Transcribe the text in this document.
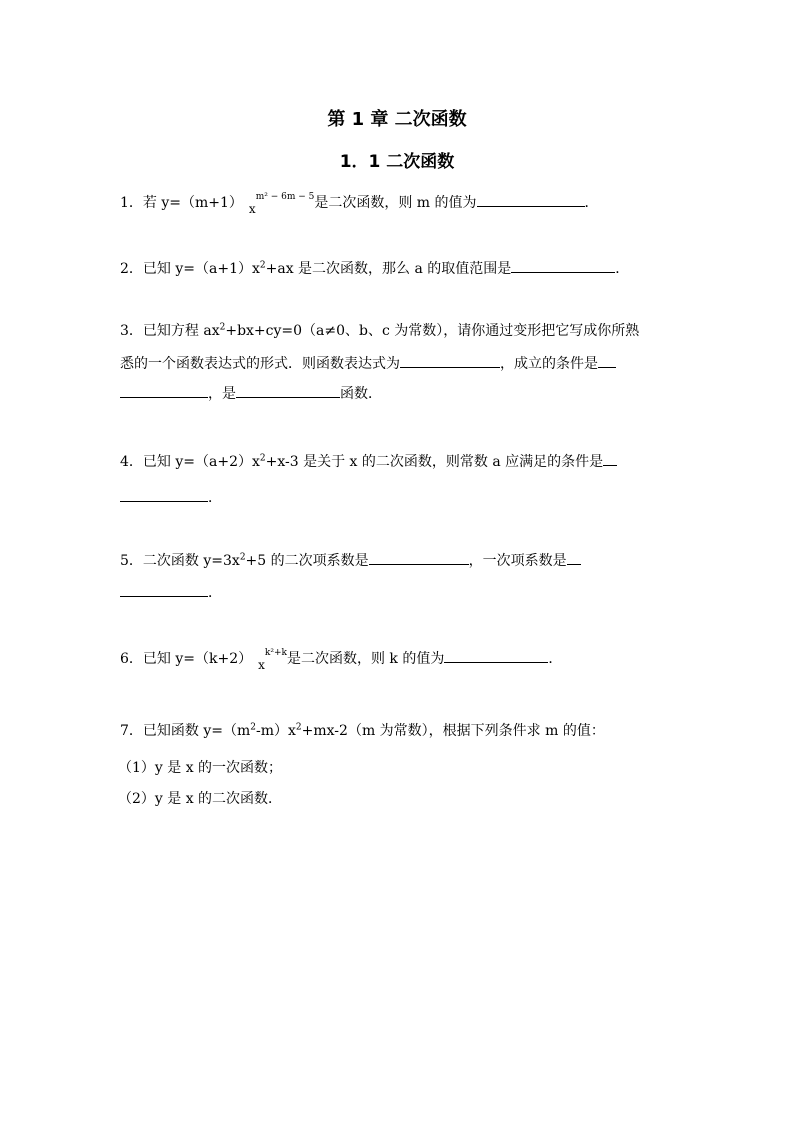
第 1 章 二次函数
1．1 二次函数
1．若 y=（m+1） $x^{m^2 - 6m - 5}$是二次函数，则 m 的值为	．
2．已知 $y=(a+1)x^2+ax$ 是二次函数，那么 a 的取值范围是	．
3．已知方程 $ax^2+bx+cy=0(a\ne 0$、b、c 为常数），请你通过变形把它写成你所熟
悉的一个函数表达式的形式．则函数表达式为	，成立的条件是
，是	函数．
4．已知 $y=(a+2)x^2+x-3$ 是关于 x 的二次函数，则常数 a 应满足的条件是
．
5．二次函数 $y=3x^2+5$ 的二次项系数是	，一次项系数是
．
6．已知 y=（k+2） $x^{k^2+k}$是二次函数，则 k 的值为	．
7．已知函数 $y=(m^2-m)x^2+mx-2(m$ 为常数），根据下列条件求 m 的值：
（1）y 是 x 的一次函数；
（2）y 是 x 的二次函数．
